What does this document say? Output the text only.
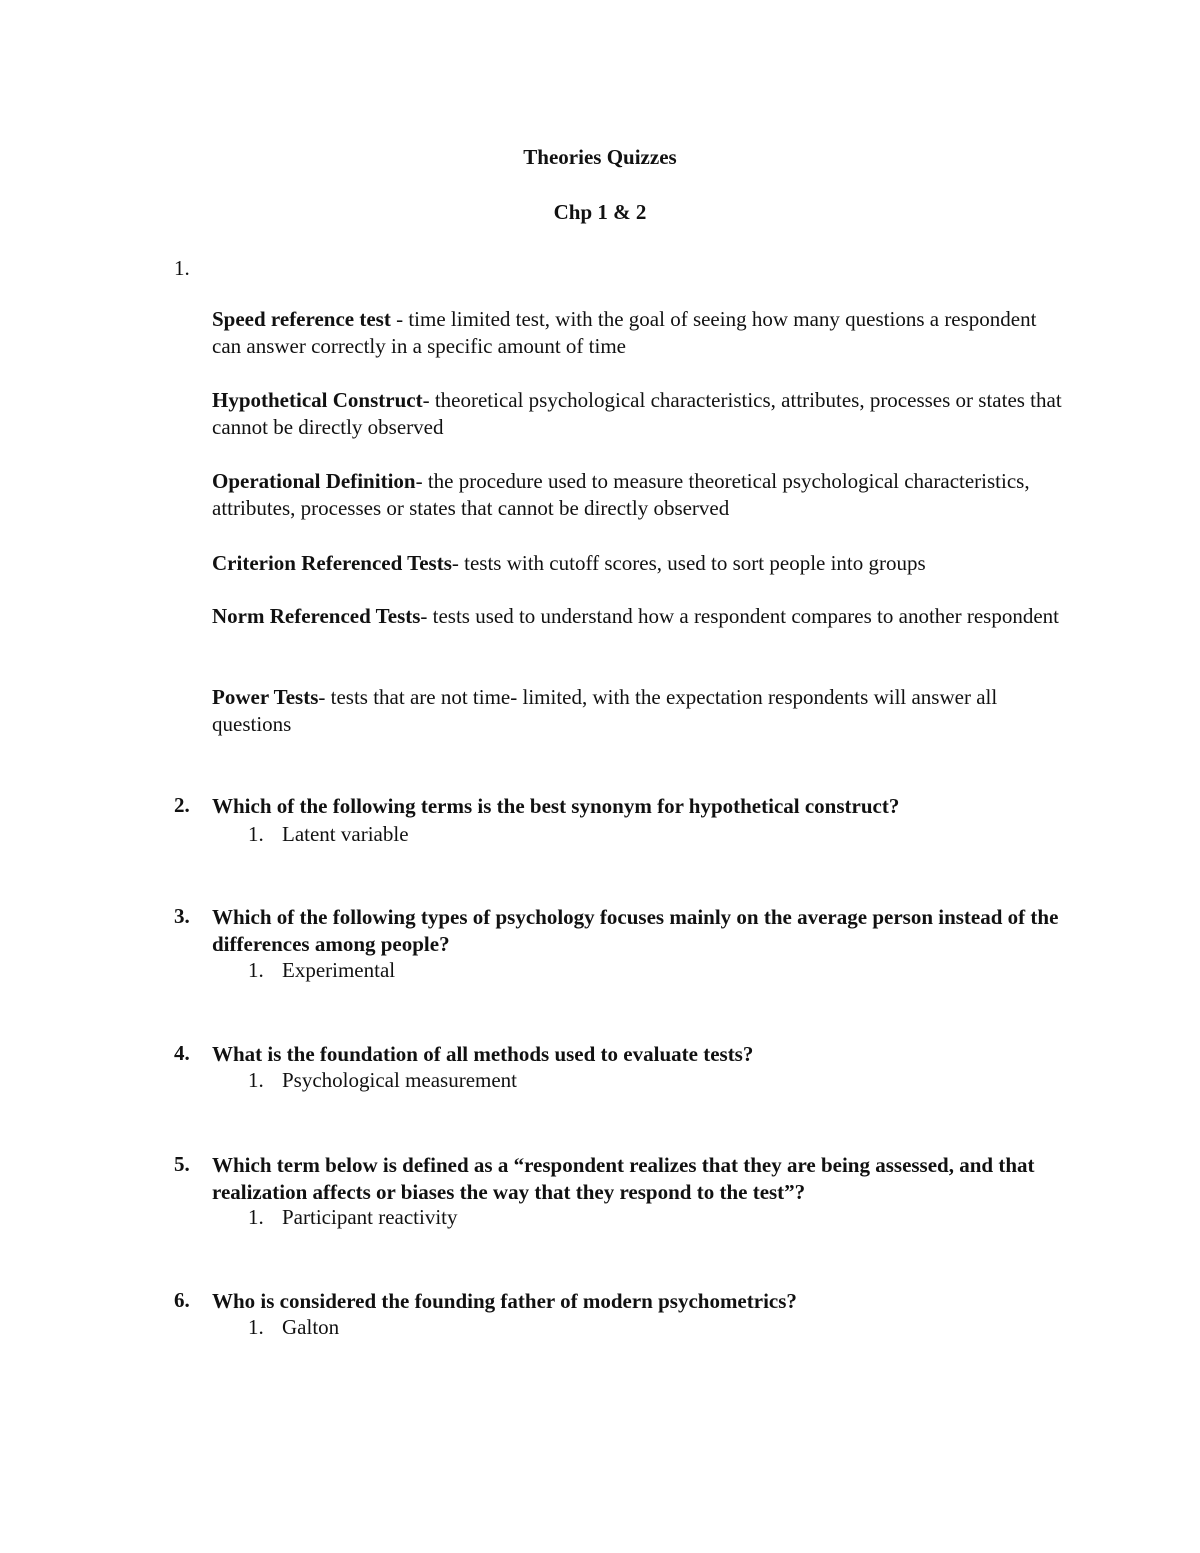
Theories Quizzes
Chp 1 & 2
1.
Speed reference test - time limited test, with the goal of seeing how many questions a respondent can answer correctly in a specific amount of time
Hypothetical Construct- theoretical psychological characteristics, attributes, processes or states that cannot be directly observed
Operational Definition- the procedure used to measure theoretical psychological characteristics, attributes, processes or states that cannot be directly observed
Criterion Referenced Tests- tests with cutoff scores, used to sort people into groups
Norm Referenced Tests- tests used to understand how a respondent compares to another respondent
Power Tests- tests that are not time- limited, with the expectation respondents will answer all questions
2. Which of the following terms is the best synonym for hypothetical construct?
1. Latent variable
3. Which of the following types of psychology focuses mainly on the average person instead of the differences among people?
1. Experimental
4. What is the foundation of all methods used to evaluate tests?
1. Psychological measurement
5. Which term below is defined as a “respondent realizes that they are being assessed, and that realization affects or biases the way that they respond to the test”?
1. Participant reactivity
6. Who is considered the founding father of modern psychometrics?
1. Galton
